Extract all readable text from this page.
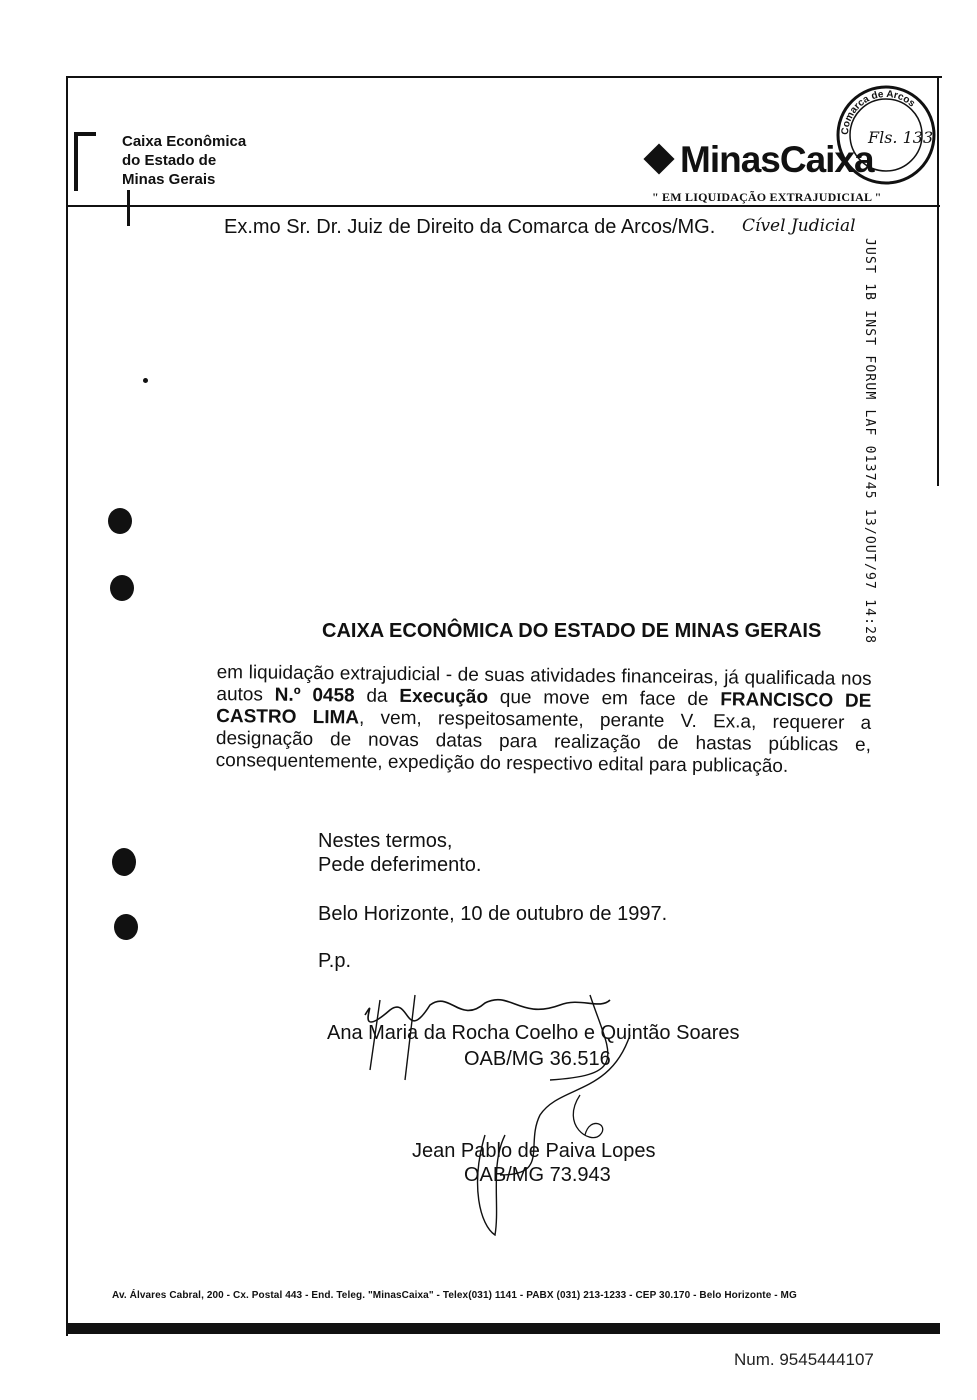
Caixa Econômica
do Estado de
Minas Gerais	MinasCaixa
" EM LIQUIDAÇÃO EXTRAJUDICIAL "
Comarca de Arcos
Fls. 133
Ex.mo Sr. Dr. Juiz de Direito da Comarca de Arcos/MG. Cível Judicial
JUST 1B INST FORUM LAF 013745 13/OUT/97 14:28
CAIXA ECONÔMICA DO ESTADO DE MINAS GERAIS
em liquidação extrajudicial - de suas atividades financeiras, já qualificada nos autos N.º 0458 da Execução que move em face de FRANCISCO DE CASTRO LIMA, vem, respeitosamente, perante V. Ex.a, requerer a designação de novas datas para realização de hastas públicas e, consequentemente, expedição do respectivo edital para publicação.
Nestes termos,
Pede deferimento.
Belo Horizonte, 10 de outubro de 1997.
P.p.
Ana Maria da Rocha Coelho e Quintão Soares
OAB/MG 36.516
Jean Pablo de Paiva Lopes
OAB/MG 73.943
Av. Álvares Cabral, 200 - Cx. Postal 443 - End. Teleg. "MinasCaixa" - Telex(031) 1141 - PABX (031) 213-1233 - CEP 30.170 - Belo Horizonte - MG
Num. 9545444107
